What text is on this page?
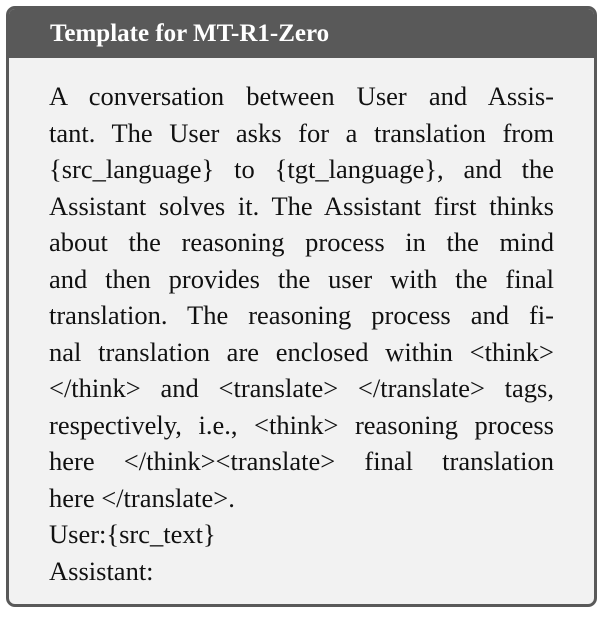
Template for MT-R1-Zero
A conversation between User and Assis-
tant. The User asks for a translation from
{src_language} to {tgt_language}, and the
Assistant solves it. The Assistant first thinks
about the reasoning process in the mind
and then provides the user with the final
translation. The reasoning process and fi-
nal translation are enclosed within <think>
</think> and <translate> </translate> tags,
respectively, i.e., <think> reasoning process
here </think><translate> final translation
here </translate>.
User:{src_text}
Assistant:
